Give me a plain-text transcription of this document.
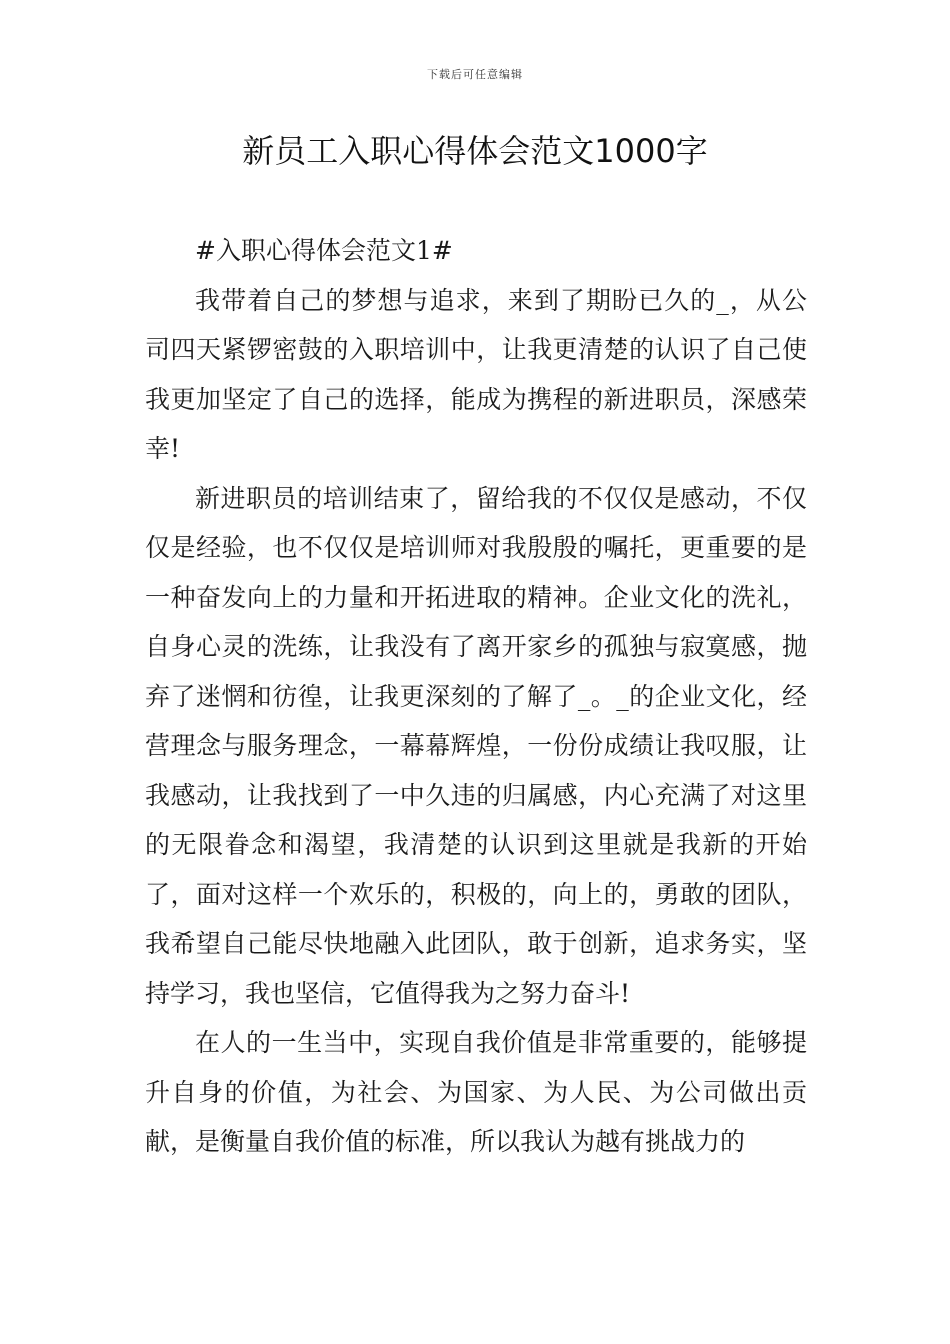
下载后可任意编辑
新员工入职心得体会范文1000字

#入职心得体会范文1#

我带着自己的梦想与追求，来到了期盼已久的_，从公司四天紧锣密鼓的入职培训中，让我更清楚的认识了自己使我更加坚定了自己的选择，能成为携程的新进职员，深感荣幸!

新进职员的培训结束了，留给我的不仅仅是感动，不仅仅是经验，也不仅仅是培训师对我殷殷的嘱托，更重要的是一种奋发向上的力量和开拓进取的精神。企业文化的洗礼，自身心灵的洗练，让我没有了离开家乡的孤独与寂寞感，抛弃了迷惘和彷徨，让我更深刻的了解了_。_的企业文化，经营理念与服务理念，一幕幕辉煌，一份份成绩让我叹服，让我感动，让我找到了一中久违的归属感，内心充满了对这里的无限眷念和渴望，我清楚的认识到这里就是我新的开始了，面对这样一个欢乐的，积极的，向上的，勇敢的团队，我希望自己能尽快地融入此团队，敢于创新，追求务实，坚持学习，我也坚信，它值得我为之努力奋斗!

在人的一生当中，实现自我价值是非常重要的，能够提升自身的价值，为社会、为国家、为人民、为公司做出贡献，是衡量自我价值的标准，所以我认为越有挑战力的
